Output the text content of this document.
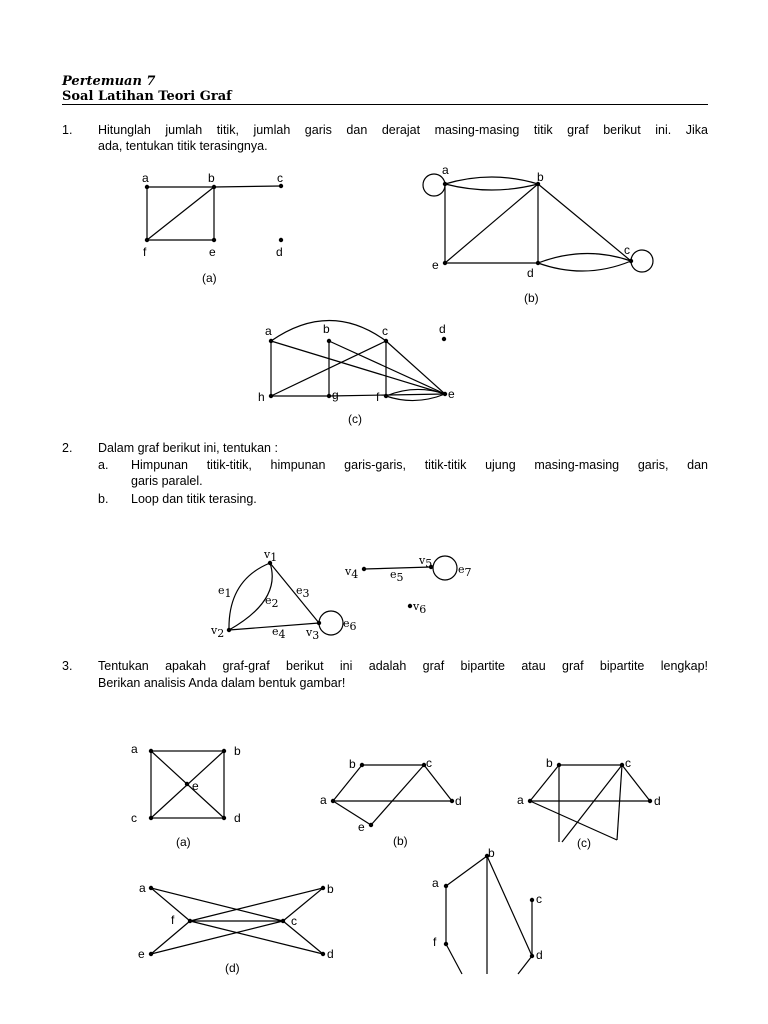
Pertemuan 7
Soal Latihan Teori Graf
1. Hitunglah jumlah titik, jumlah garis dan derajat masing-masing titik graf berikut ini. Jika
ada, tentukan titik terasingnya.
2. Dalam graf berikut ini, tentukan :
a. Himpunan titik-titik, himpunan garis-garis, titik-titik ujung masing-masing garis, dan
garis paralel.
b. Loop dan titik terasing.
3. Tentukan apakah graf-graf berikut ini adalah graf bipartite atau graf bipartite lengkap!
Berikan analisis Anda dalam bentuk gambar!
(a)
(b)
(c)
(a)	(b)	(c)
(d)
a	b	c
f	e	d
a	b
c
e
d
a	b	c	d
h	g	f	e
v1
v2	v3
v4
v5
v6
e1
e2
e3
e4
e5
e6
e7
a	b
c	d
e
b	c
a	d
e
b	c
a	d
a	b
f	c
e	d
b
a
c
f
d
